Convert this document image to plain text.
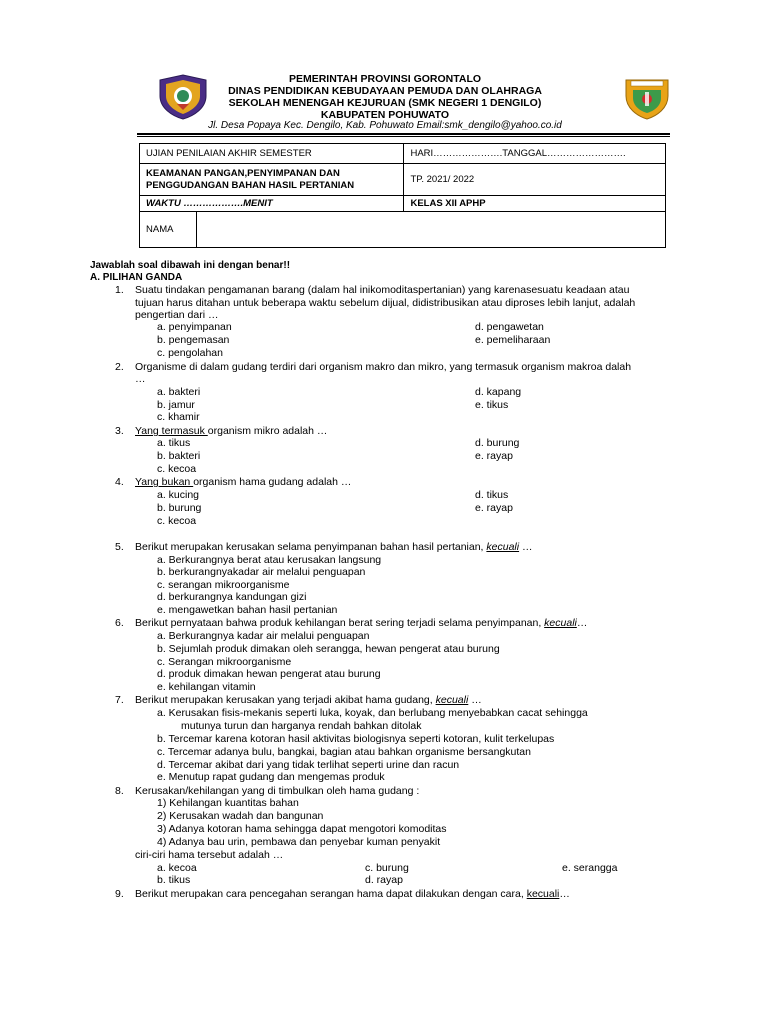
PEMERINTAH PROVINSI GORONTALO
DINAS PENDIDIKAN KEBUDAYAAN PEMUDA DAN OLAHRAGA
SEKOLAH MENENGAH KEJURUAN (SMK NEGERI 1 DENGILO)
KABUPATEN POHUWATO
Jl. Desa Popaya Kec. Dengilo, Kab. Pohuwato Email:smk_dengilo@yahoo.co.id
UJIAN PENILAIAN AKHIR SEMESTER		HARI………………….TANGGAL…………………….

KEAMANAN PANGAN,PENYIMPANAN DAN
PENGGUDANGAN BAHAN HASIL PERTANIAN		TP. 2021/ 2022
WAKTU ……………….MENIT		KELAS XII APHP
NAMA		
Jawablah soal dibawah ini dengan benar!!
A. PILIHAN GANDA
1. Suatu tindakan pengamanan barang (dalam hal inikomoditaspertanian) yang karenasesuatu keadaan atau
tujuan harus ditahan untuk beberapa waktu sebelum dijual, didistribusikan atau diproses lebih lanjut, adalah
pengertian dari …
a. penyimpanan
b. pengemasan
c. pengolahan
d. pengawetan
e. pemeliharaan
2. Organisme di dalam gudang terdiri dari organism makro dan mikro, yang termasuk organism makroa dalah
…
a. bakteri
b. jamur
c. khamir
d. kapang
e. tikus
3. Yang termasuk organism mikro adalah …
a. tikus
b. bakteri
c. kecoa
d. burung
e. rayap
4. Yang bukan organism hama gudang adalah …
a. kucing
b. burung
c. kecoa
d. tikus
e. rayap
5. Berikut merupakan kerusakan selama penyimpanan bahan hasil pertanian, kecuali …
a. Berkurangnya berat atau kerusakan langsung
b. berkurangnyakadar air melalui penguapan
c. serangan mikroorganisme
d. berkurangnya kandungan gizi
e. mengawetkan bahan hasil pertanian
6. Berikut pernyataan bahwa produk kehilangan berat sering terjadi selama penyimpanan, kecuali…
a. Berkurangnya kadar air melalui penguapan
b. Sejumlah produk dimakan oleh serangga, hewan pengerat atau burung
c. Serangan mikroorganisme
d. produk dimakan hewan pengerat atau burung
e. kehilangan vitamin
7. Berikut merupakan kerusakan yang terjadi akibat hama gudang, kecuali …
a. Kerusakan fisis-mekanis seperti luka, koyak, dan berlubang menyebabkan cacat sehingga
mutunya turun dan harganya rendah bahkan ditolak
b. Tercemar karena kotoran hasil aktivitas biologisnya seperti kotoran, kulit terkelupas
c. Tercemar adanya bulu, bangkai, bagian atau bahkan organisme bersangkutan
d. Tercemar akibat dari yang tidak terlihat seperti urine dan racun
e. Menutup rapat gudang dan mengemas produk
8. Kerusakan/kehilangan yang di timbulkan oleh hama gudang :
1) Kehilangan kuantitas bahan
2) Kerusakan wadah dan bangunan
3) Adanya kotoran hama sehingga dapat mengotori komoditas
4) Adanya bau urin, pembawa dan penyebar kuman penyakit
ciri-ciri hama tersebut adalah …
a. kecoa
b. tikus
c. burung
d. rayap
e. serangga
9. Berikut merupakan cara pencegahan serangan hama dapat dilakukan dengan cara, kecuali…
